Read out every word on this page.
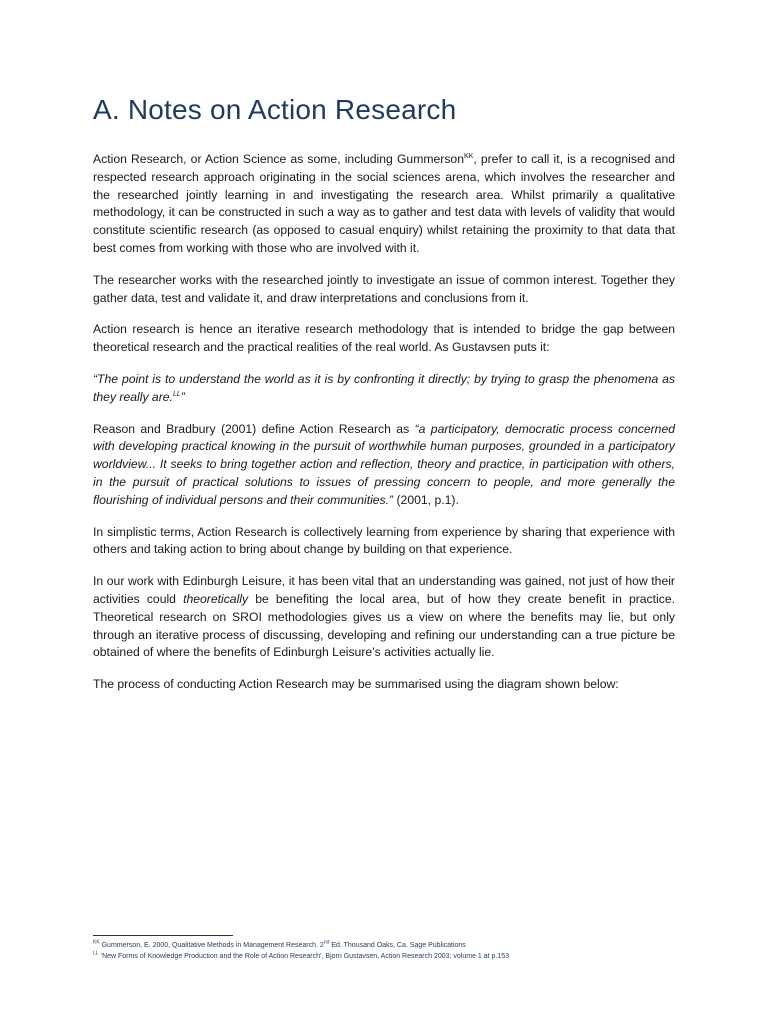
A. Notes on Action Research

Action Research, or Action Science as some, including Gummerson$^{KK}$, prefer to call it, is a recognised and respected research approach originating in the social sciences arena, which involves the researcher and the researched jointly learning in and investigating the research area. Whilst primarily a qualitative methodology, it can be constructed in such a way as to gather and test data with levels of validity that would constitute scientific research (as opposed to casual enquiry) whilst retaining the proximity to that data that best comes from working with those who are involved with it.

The researcher works with the researched jointly to investigate an issue of common interest. Together they gather data, test and validate it, and draw interpretations and conclusions from it.

Action research is hence an iterative research methodology that is intended to bridge the gap between theoretical research and the practical realities of the real world. As Gustavsen puts it:

“The point is to understand the world as it is by confronting it directly; by trying to grasp the phenomena as they really are.$^{LL}$”

Reason and Bradbury (2001) define Action Research as “a participatory, democratic process concerned with developing practical knowing in the pursuit of worthwhile human purposes, grounded in a participatory worldview... It seeks to bring together action and reflection, theory and practice, in participation with others, in the pursuit of practical solutions to issues of pressing concern to people, and more generally the flourishing of individual persons and their communities.” (2001, p.1).

In simplistic terms, Action Research is collectively learning from experience by sharing that experience with others and taking action to bring about change by building on that experience.

In our work with Edinburgh Leisure, it has been vital that an understanding was gained, not just of how their activities could theoretically be benefiting the local area, but of how they create benefit in practice. Theoretical research on SROI methodologies gives us a view on where the benefits may lie, but only through an iterative process of discussing, developing and refining our understanding can a true picture be obtained of where the benefits of Edinburgh Leisure’s activities actually lie.

The process of conducting Action Research may be summarised using the diagram shown below:

$^{KK}$ Gummerson, E. 2000, Qualitative Methods in Management Research. 2nd Ed. Thousand Oaks, Ca. Sage Publications

$^{LL}$ ‘New Forms of Knowledge Production and the Role of Action Research’, Bjorn Gustavsen, Action Research 2003; volume 1 at p.153
